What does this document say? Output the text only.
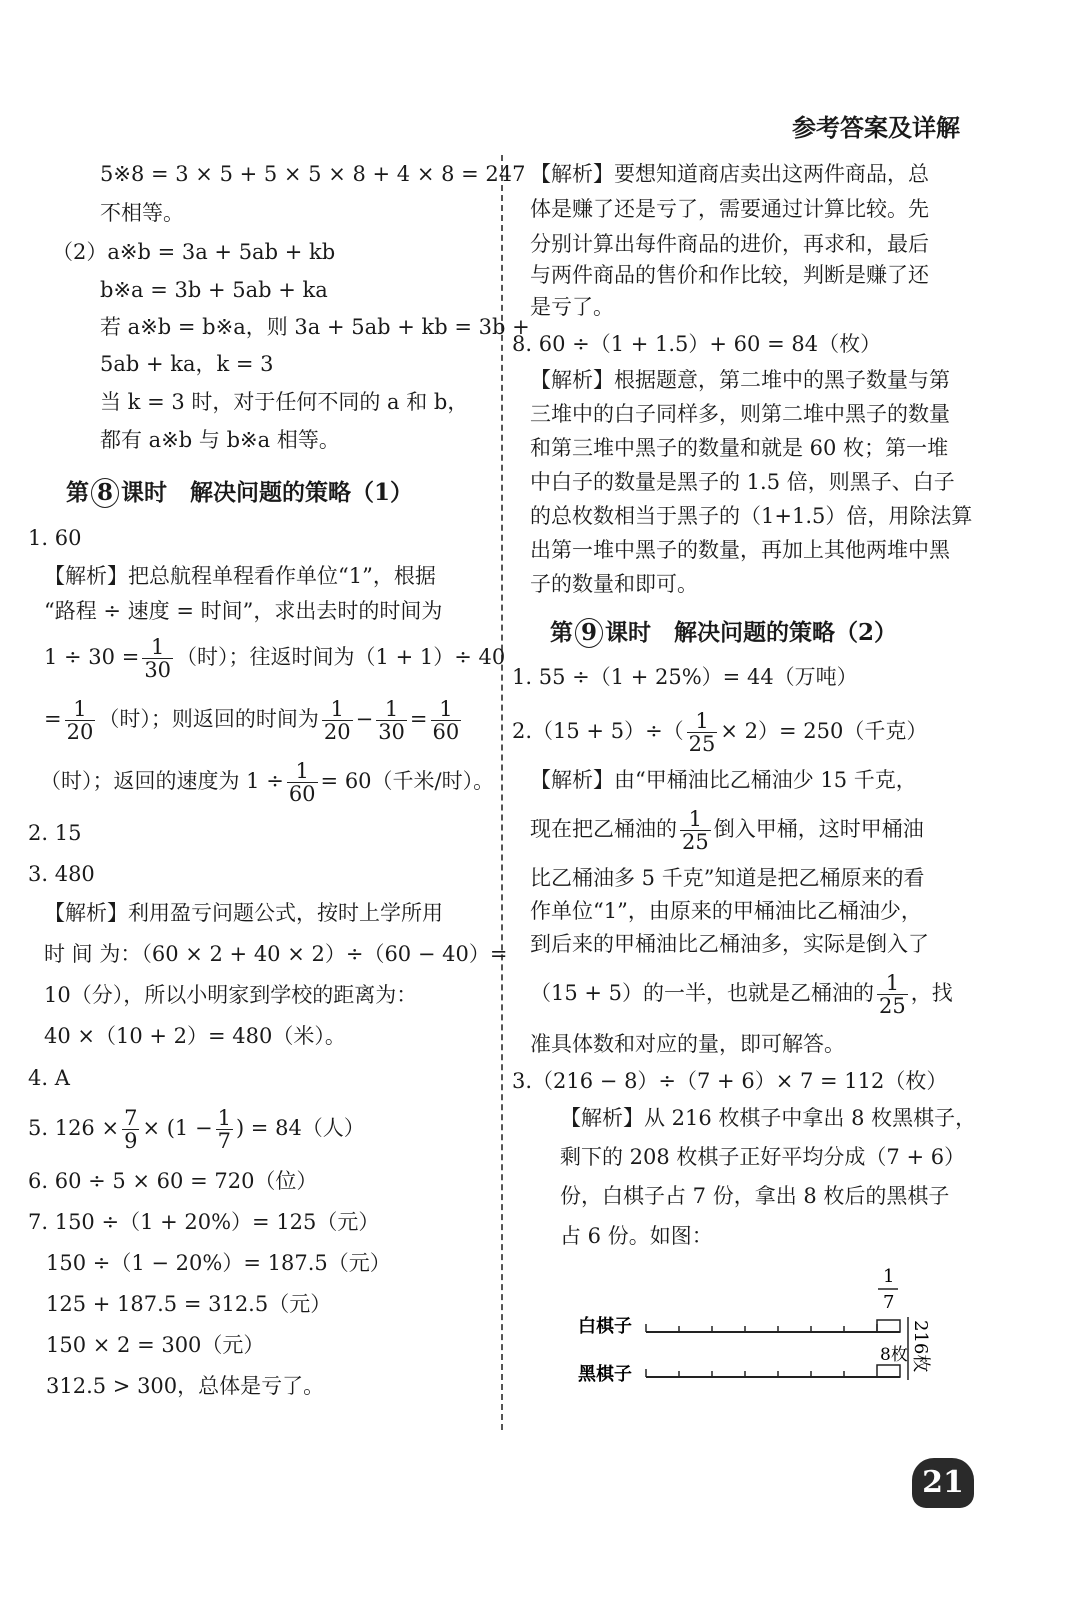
参考答案及详解
5※8 = 3 × 5 + 5 × 5 × 8 + 4 × 8 = 247
不相等。
（2）a※b = 3a + 5ab + kb
b※a = 3b + 5ab + ka
若 a※b = b※a，则 3a + 5ab + kb = 3b +
5ab + ka，k = 3
当 k = 3 时，对于任何不同的 a 和 b，
都有 a※b 与 b※a 相等。
第 8 课时　解决问题的策略（1）
1. 60
【解析】把总航程单程看作单位“1”，根据
“路程 ÷ 速度 = 时间”，求出去时的时间为
$1 \div 30 = \frac{1}{30}$ （时）；往返时间为（1 + 1）÷ 40
= $\frac{1}{20}$ （时）；则返回的时间为 $\frac{1}{20} - \frac{1}{30} = \frac{1}{60}$
（时）；返回的速度为 $1 \div \frac{1}{60} = 60$（千米/时）。
2. 15
3. 480
【解析】利用盈亏问题公式，按时上学所用
时 间 为：（60 × 2 + 40 × 2）÷（60 − 40）=
10（分），所以小明家到学校的距离为：
40 ×（10 + 2）= 480（米）。
4. A
5. $126 \times \frac{7}{9} \times (1 - \frac{1}{7}$ ) = 84（人）
6. 60 ÷ 5 × 60 = 720（位）
7. 150 ÷（1 + 20%）= 125（元）
150 ÷（1 − 20%）= 187.5（元）
125 + 187.5 = 312.5（元）
150 × 2 = 300（元）
312.5 > 300，总体是亏了。
【解析】要想知道商店卖出这两件商品，总
体是赚了还是亏了，需要通过计算比较。先
分别计算出每件商品的进价，再求和，最后
与两件商品的售价和作比较，判断是赚了还
是亏了。
8. 60 ÷（1 + 1.5）+ 60 = 84（枚）
【解析】根据题意，第二堆中的黑子数量与第
三堆中的白子同样多，则第二堆中黑子的数量
和第三堆中黑子的数量和就是 60 枚；第一堆
中白子的数量是黑子的 1.5 倍，则黑子、白子
的总枚数相当于黑子的（1+1.5）倍，用除法算
出第一堆中黑子的数量，再加上其他两堆中黑
子的数量和即可。
第 9 课时　解决问题的策略（2）
1. 55 ÷（1 + 25%）= 44（万吨）
$2.(15 + 5)\div( \frac{1}{25} \times 2)= 250$（千克）
【解析】由“甲桶油比乙桶油少 15 千克，
现在把乙桶油的 $\frac{1}{25}$ 倒入甲桶，这时甲桶油
比乙桶油多 5 千克”知道是把乙桶原来的看
作单位“1”，由原来的甲桶油比乙桶油少，
到后来的甲桶油比乙桶油多，实际是倒入了
（15 + 5）的一半，也就是乙桶油的 $\frac{1}{25}$ ，找
准具体数和对应的量，即可解答。
3.（216 − 8）÷（7 + 6）× 7 = 112（枚）
【解析】从 216 枚棋子中拿出 8 枚黑棋子，
剩下的 208 枚棋子正好平均分成（7 + 6）
份，白棋子占 7 份，拿出 8 枚后的黑棋子
占 6 份。如图：
白棋子
黑棋子
1
7
8枚 216枚
21
